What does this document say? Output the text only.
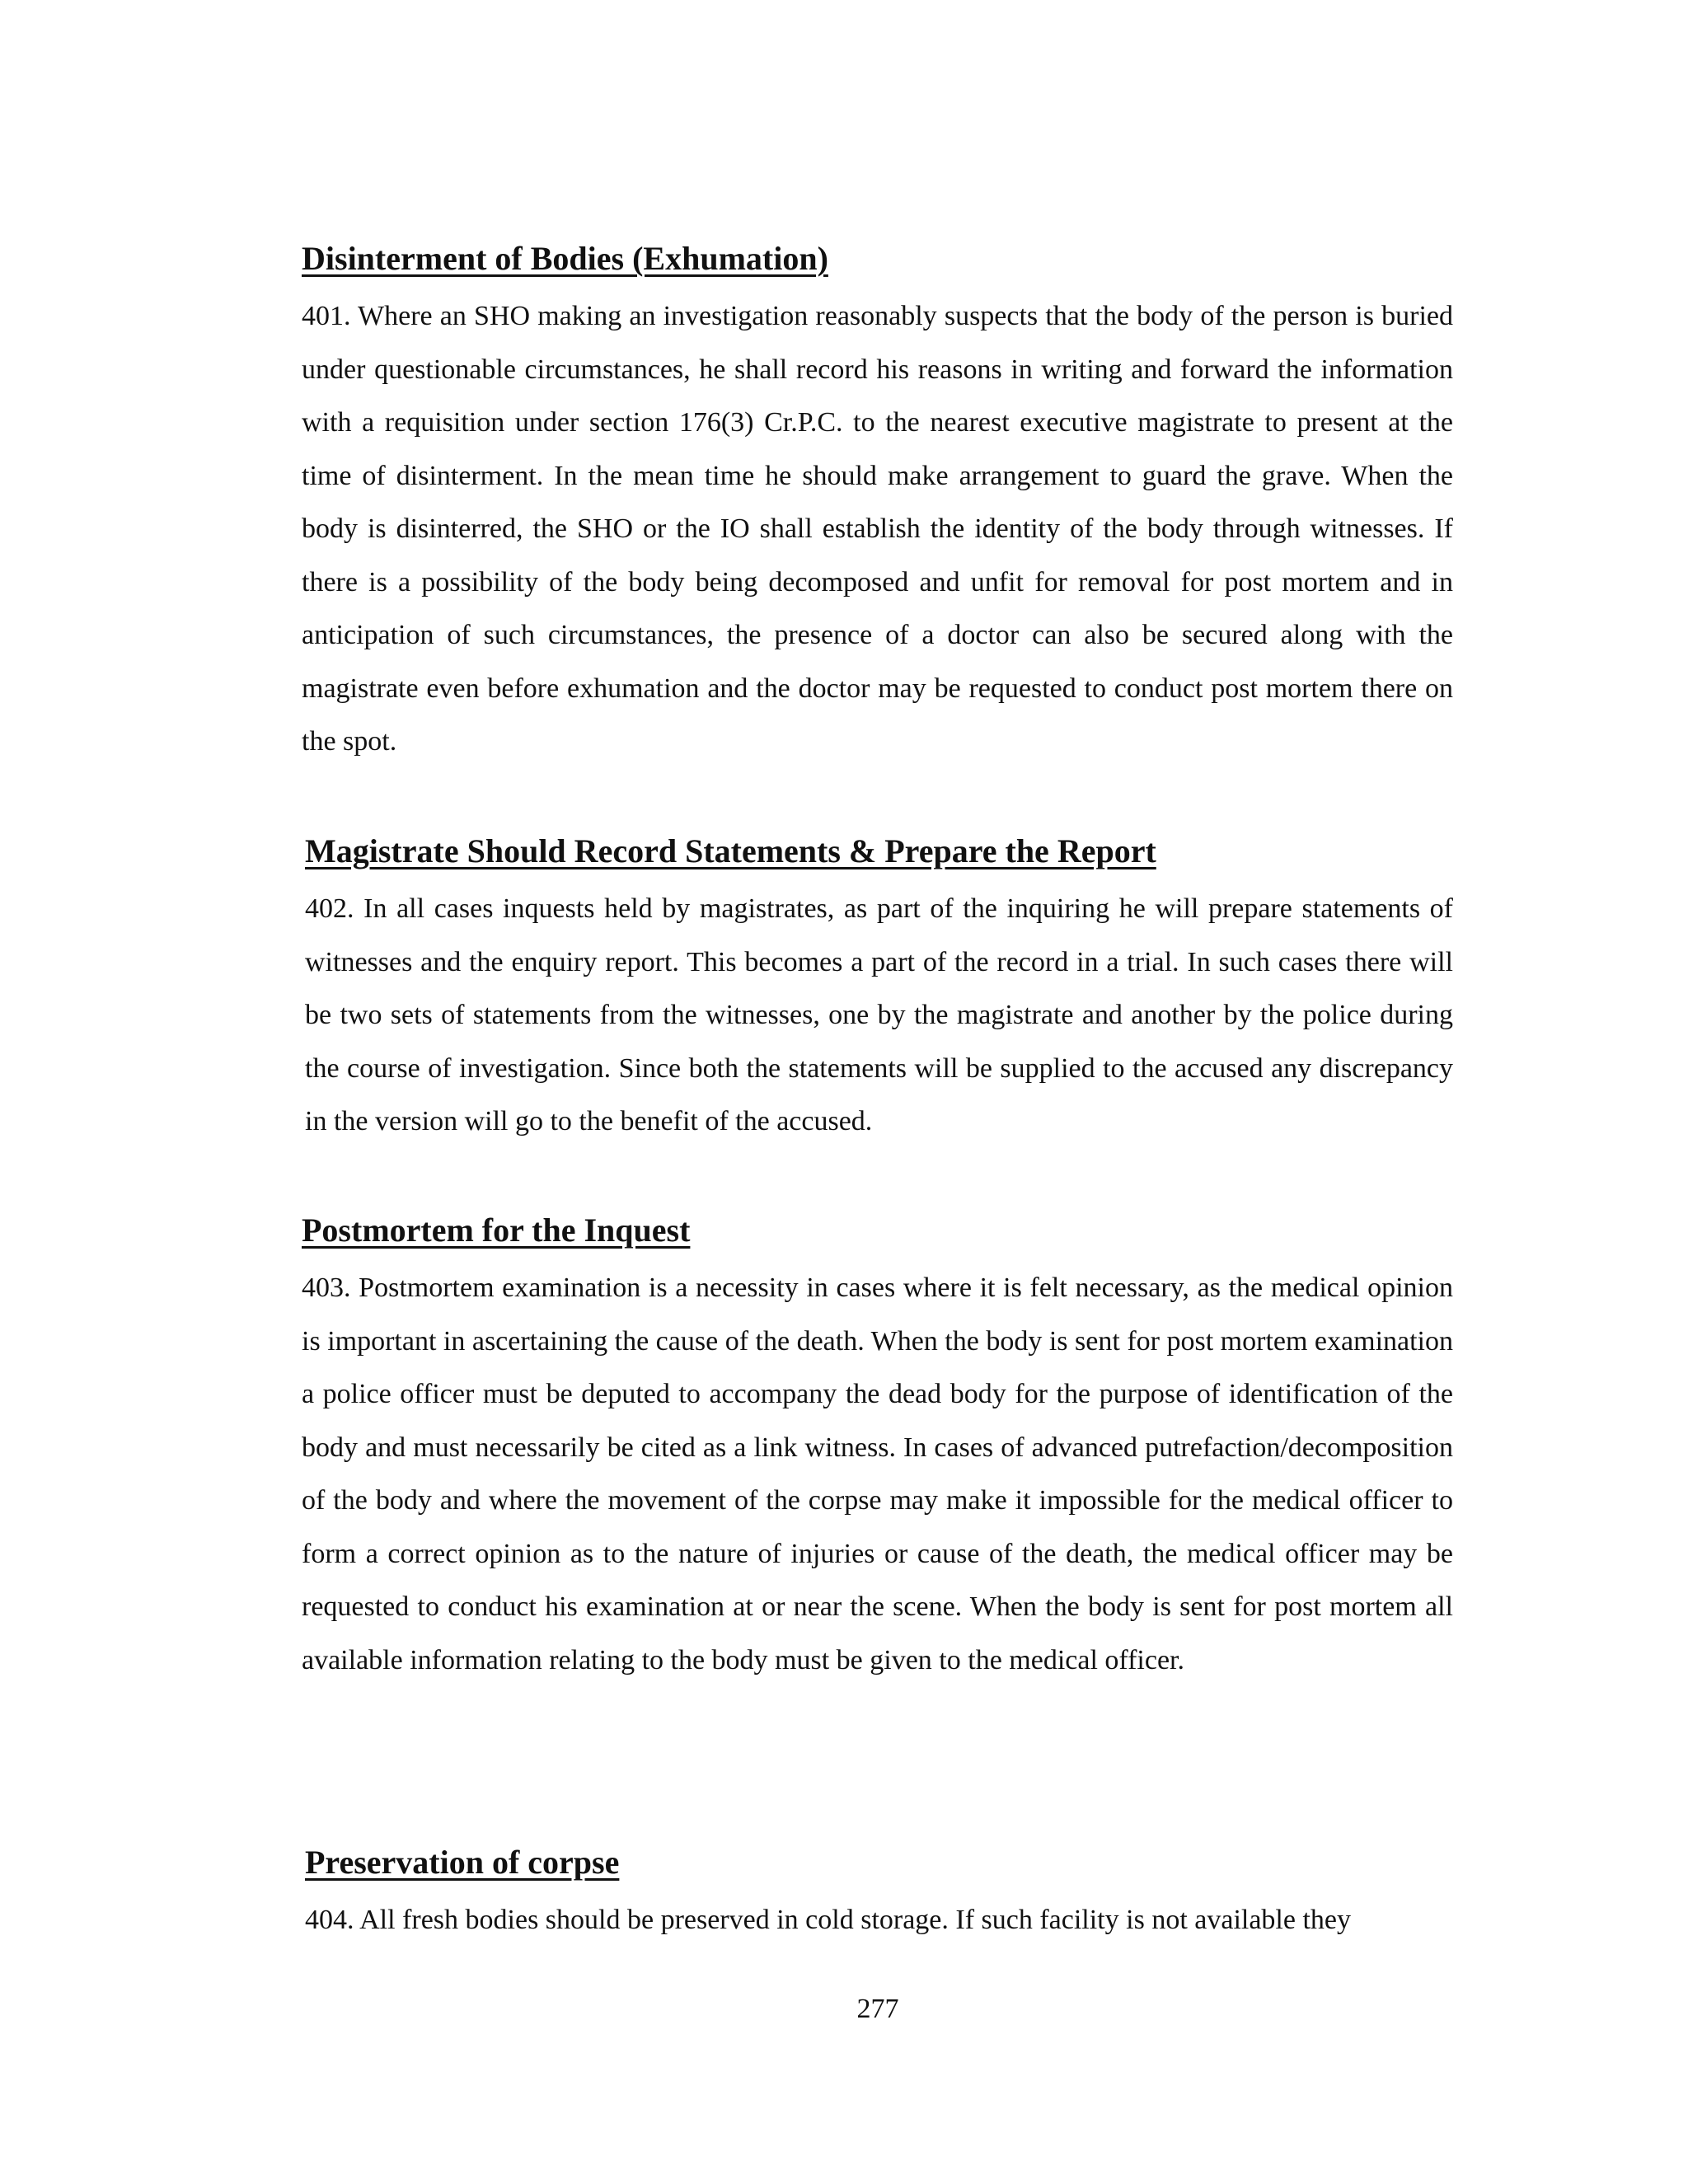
Disinterment of Bodies (Exhumation)

401. Where an SHO making an investigation reasonably suspects that the body of the person is buried under questionable circumstances, he shall record his reasons in writing and forward the information with a requisition under section 176(3) Cr.P.C. to the nearest executive magistrate to present at the time of disinterment. In the mean time he should make arrangement to guard the grave. When the body is disinterred, the SHO or the IO shall establish the identity of the body through witnesses. If there is a possibility of the body being decomposed and unfit for removal for post mortem and in anticipation of such circumstances, the presence of a doctor can also be secured along with the magistrate even before exhumation and the doctor may be requested to conduct post mortem there on the spot.

Magistrate Should Record Statements & Prepare the Report

402. In all cases inquests held by magistrates, as part of the inquiring he will prepare statements of witnesses and the enquiry report. This becomes a part of the record in a trial. In such cases there will be two sets of statements from the witnesses, one by the magistrate and another by the police during the course of investigation. Since both the statements will be supplied to the accused any discrepancy in the version will go to the benefit of the accused.

Postmortem for the Inquest

403. Postmortem examination is a necessity in cases where it is felt necessary, as the medical opinion is important in ascertaining the cause of the death. When the body is sent for post mortem examination a police officer must be deputed to accompany the dead body for the purpose of identification of the body and must necessarily be cited as a link witness. In cases of advanced putrefaction/decomposition of the body and where the movement of the corpse may make it impossible for the medical officer to form a correct opinion as to the nature of injuries or cause of the death, the medical officer may be requested to conduct his examination at or near the scene. When the body is sent for post mortem all available information relating to the body must be given to the medical officer.

Preservation of corpse

404. All fresh bodies should be preserved in cold storage. If such facility is not available they

277
